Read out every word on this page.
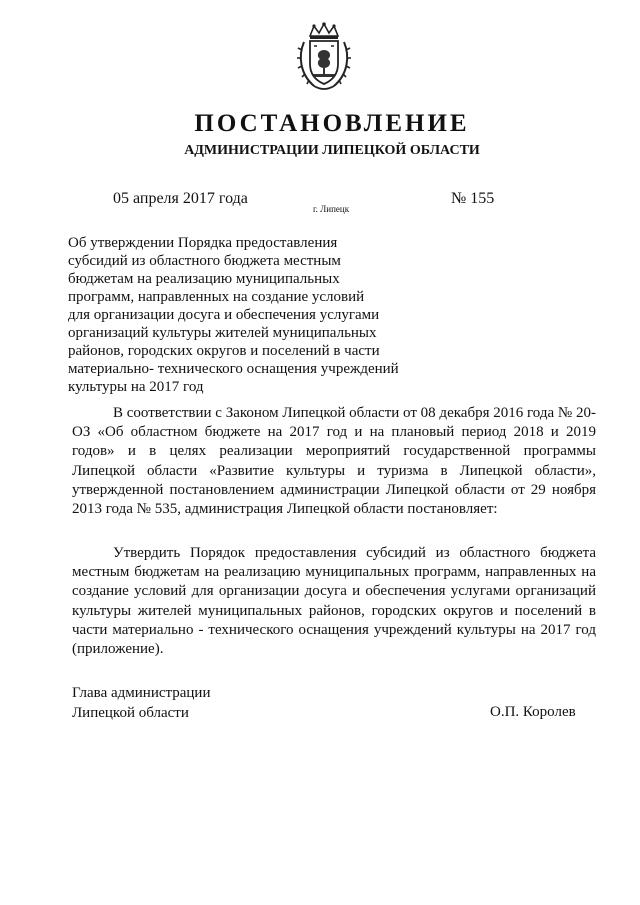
ПОСТАНОВЛЕНИЕ
АДМИНИСТРАЦИИ ЛИПЕЦКОЙ ОБЛАСТИ
05 апреля 2017 года
г. Липецк
№ 155
Об утверждении Порядка предоставления
субсидий из областного бюджета местным
бюджетам на реализацию муниципальных
программ, направленных на создание условий
для организации досуга и обеспечения услугами
организаций культуры жителей муниципальных
районов, городских округов и поселений в части
материально- технического оснащения учреждений
культуры на 2017 год
В соответствии с Законом Липецкой области от 08 декабря 2016 года № 20-ОЗ «Об областном бюджете на 2017 год и на плановый период 2018 и 2019 годов» и в целях реализации мероприятий государственной программы Липецкой области «Развитие культуры и туризма в Липецкой области», утвержденной постановлением администрации Липецкой области от 29 ноября 2013 года № 535, администрация Липецкой области постановляет:
Утвердить Порядок предоставления субсидий из областного бюджета местным бюджетам на реализацию муниципальных программ, направленных на создание условий для организации досуга и обеспечения услугами организаций культуры жителей муниципальных районов, городских округов и поселений в части материально - технического оснащения учреждений культуры на 2017 год (приложение).
Глава администрации
Липецкой области	О.П. Королев
